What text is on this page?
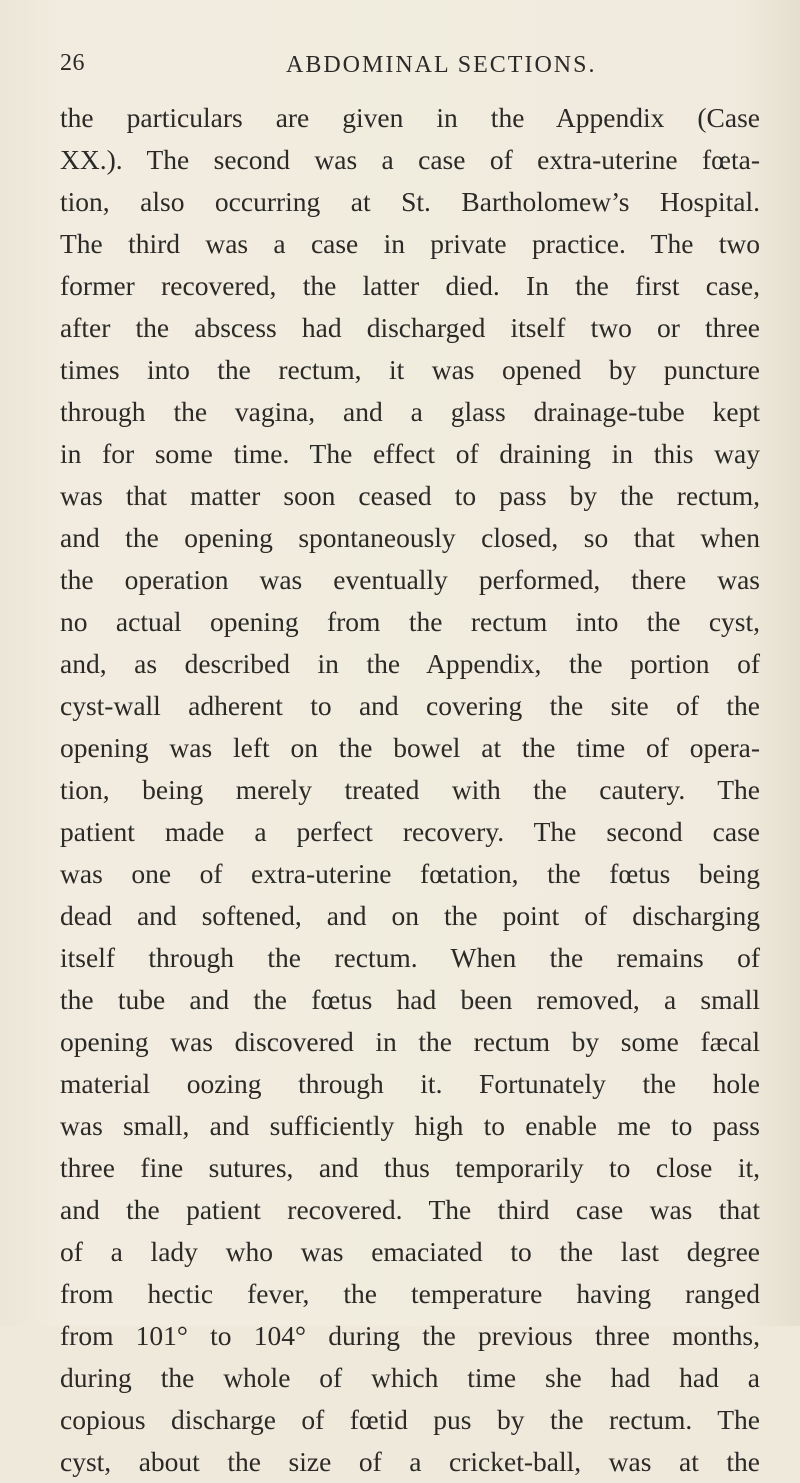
26	ABDOMINAL SECTIONS.
the particulars are given in the Appendix (Case
XX.). The second was a case of extra-uterine fœta-
tion, also occurring at St. Bartholomew’s Hospital.
The third was a case in private practice. The two
former recovered, the latter died. In the first case,
after the abscess had discharged itself two or three
times into the rectum, it was opened by puncture
through the vagina, and a glass drainage-tube kept
in for some time. The effect of draining in this way
was that matter soon ceased to pass by the rectum,
and the opening spontaneously closed, so that when
the operation was eventually performed, there was
no actual opening from the rectum into the cyst,
and, as described in the Appendix, the portion of
cyst-wall adherent to and covering the site of the
opening was left on the bowel at the time of opera-
tion, being merely treated with the cautery. The
patient made a perfect recovery. The second case
was one of extra-uterine fœtation, the fœtus being
dead and softened, and on the point of discharging
itself through the rectum. When the remains of
the tube and the fœtus had been removed, a small
opening was discovered in the rectum by some fæcal
material oozing through it. Fortunately the hole
was small, and sufficiently high to enable me to pass
three fine sutures, and thus temporarily to close it,
and the patient recovered. The third case was that
of a lady who was emaciated to the last degree
from hectic fever, the temperature having ranged
from 101° to 104° during the previous three months,
during the whole of which time she had had a
copious discharge of fœtid pus by the rectum. The
cyst, about the size of a cricket-ball, was at the
